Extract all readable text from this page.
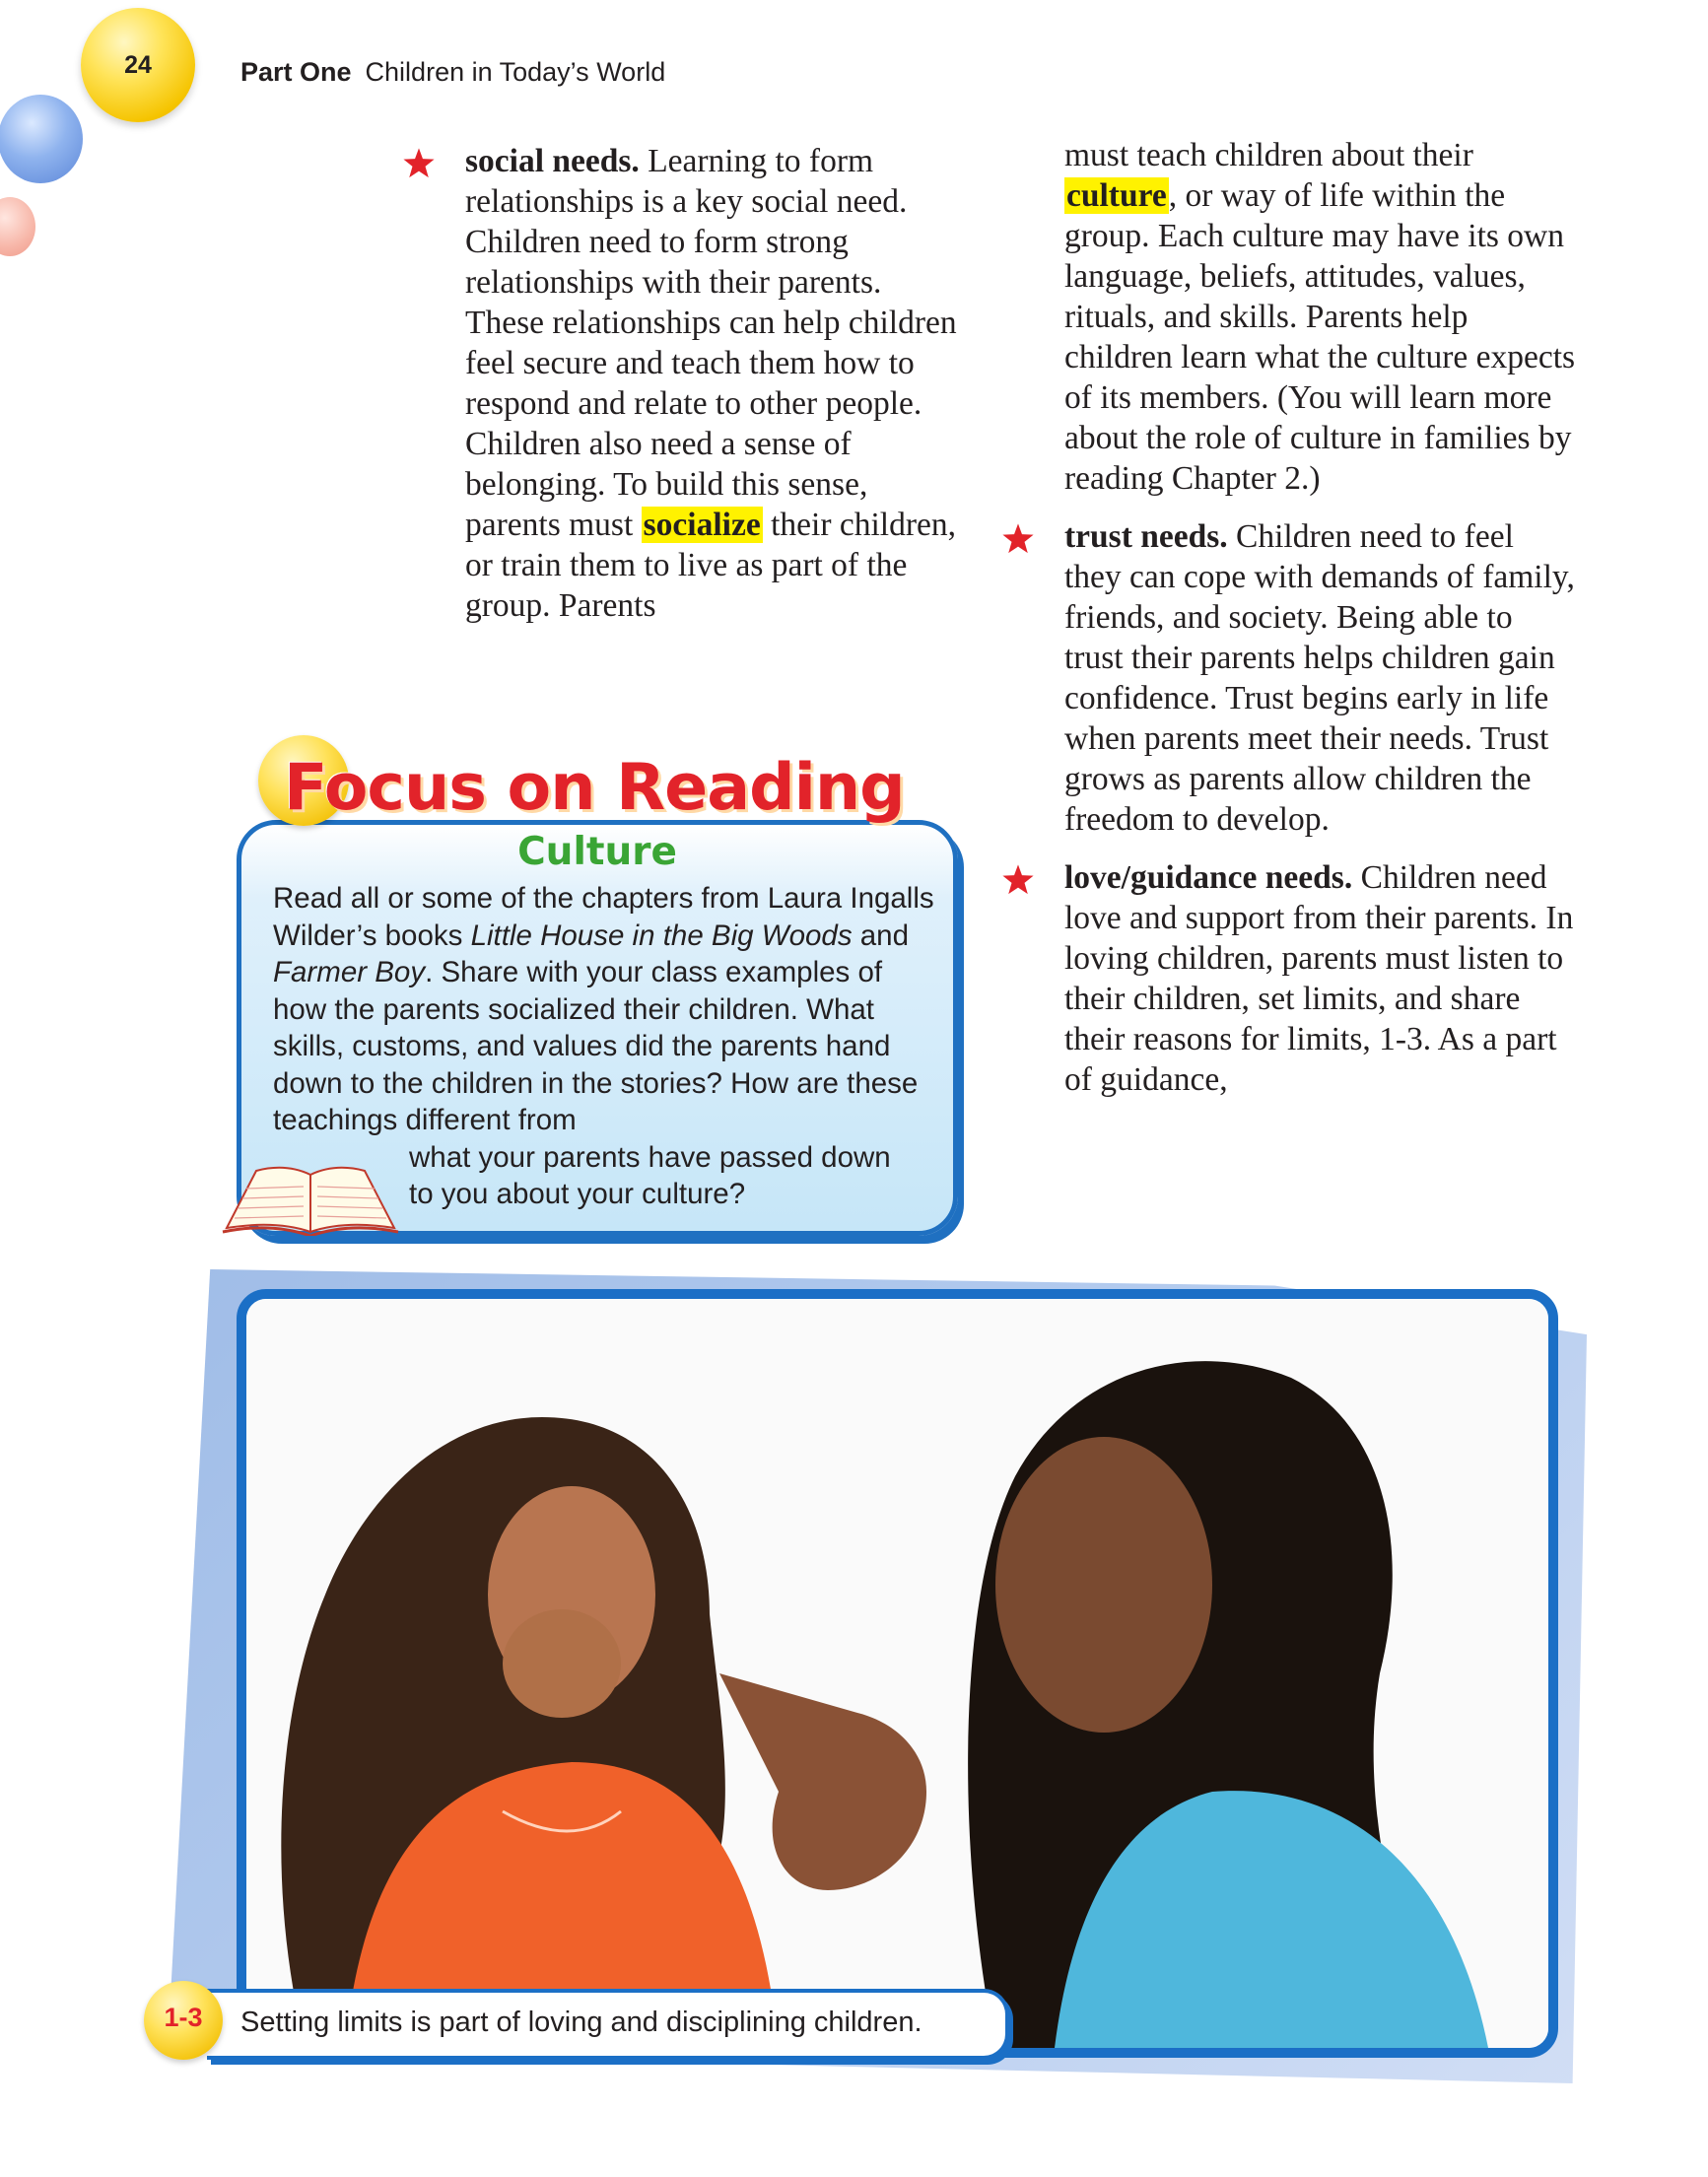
24	Part One Children in Today’s World

social needs. Learning to form relationships is a key social need. Children need to form strong relationships with their parents. These relationships can help children feel secure and teach them how to respond and relate to other people. Children also need a sense of belonging. To build this sense, parents must socialize their children, or train them to live as part of the group. Parents

must teach children about their culture, or way of life within the group. Each culture may have its own language, beliefs, attitudes, values, rituals, and skills. Parents help children learn what the culture expects of its members. (You will learn more about the role of culture in families by reading Chapter 2.)

trust needs. Children need to feel they can cope with demands of family, friends, and society. Being able to trust their parents helps children gain confidence. Trust begins early in life when parents meet their needs. Trust grows as parents allow children the freedom to develop.

love/guidance needs. Children need love and support from their parents. In loving children, parents must listen to their children, set limits, and share their reasons for limits, 1-3. As a part of guidance,

Focus on Reading
Culture

Read all or some of the chapters from Laura Ingalls Wilder’s books Little House in the Big Woods and Farmer Boy. Share with your class examples of how the parents socialized their children. What skills, customs, and values did the parents hand down to the children in the stories? How are these teachings different from
what your parents have passed down
to you about your culture?

1-3	Setting limits is part of loving and disciplining children.
